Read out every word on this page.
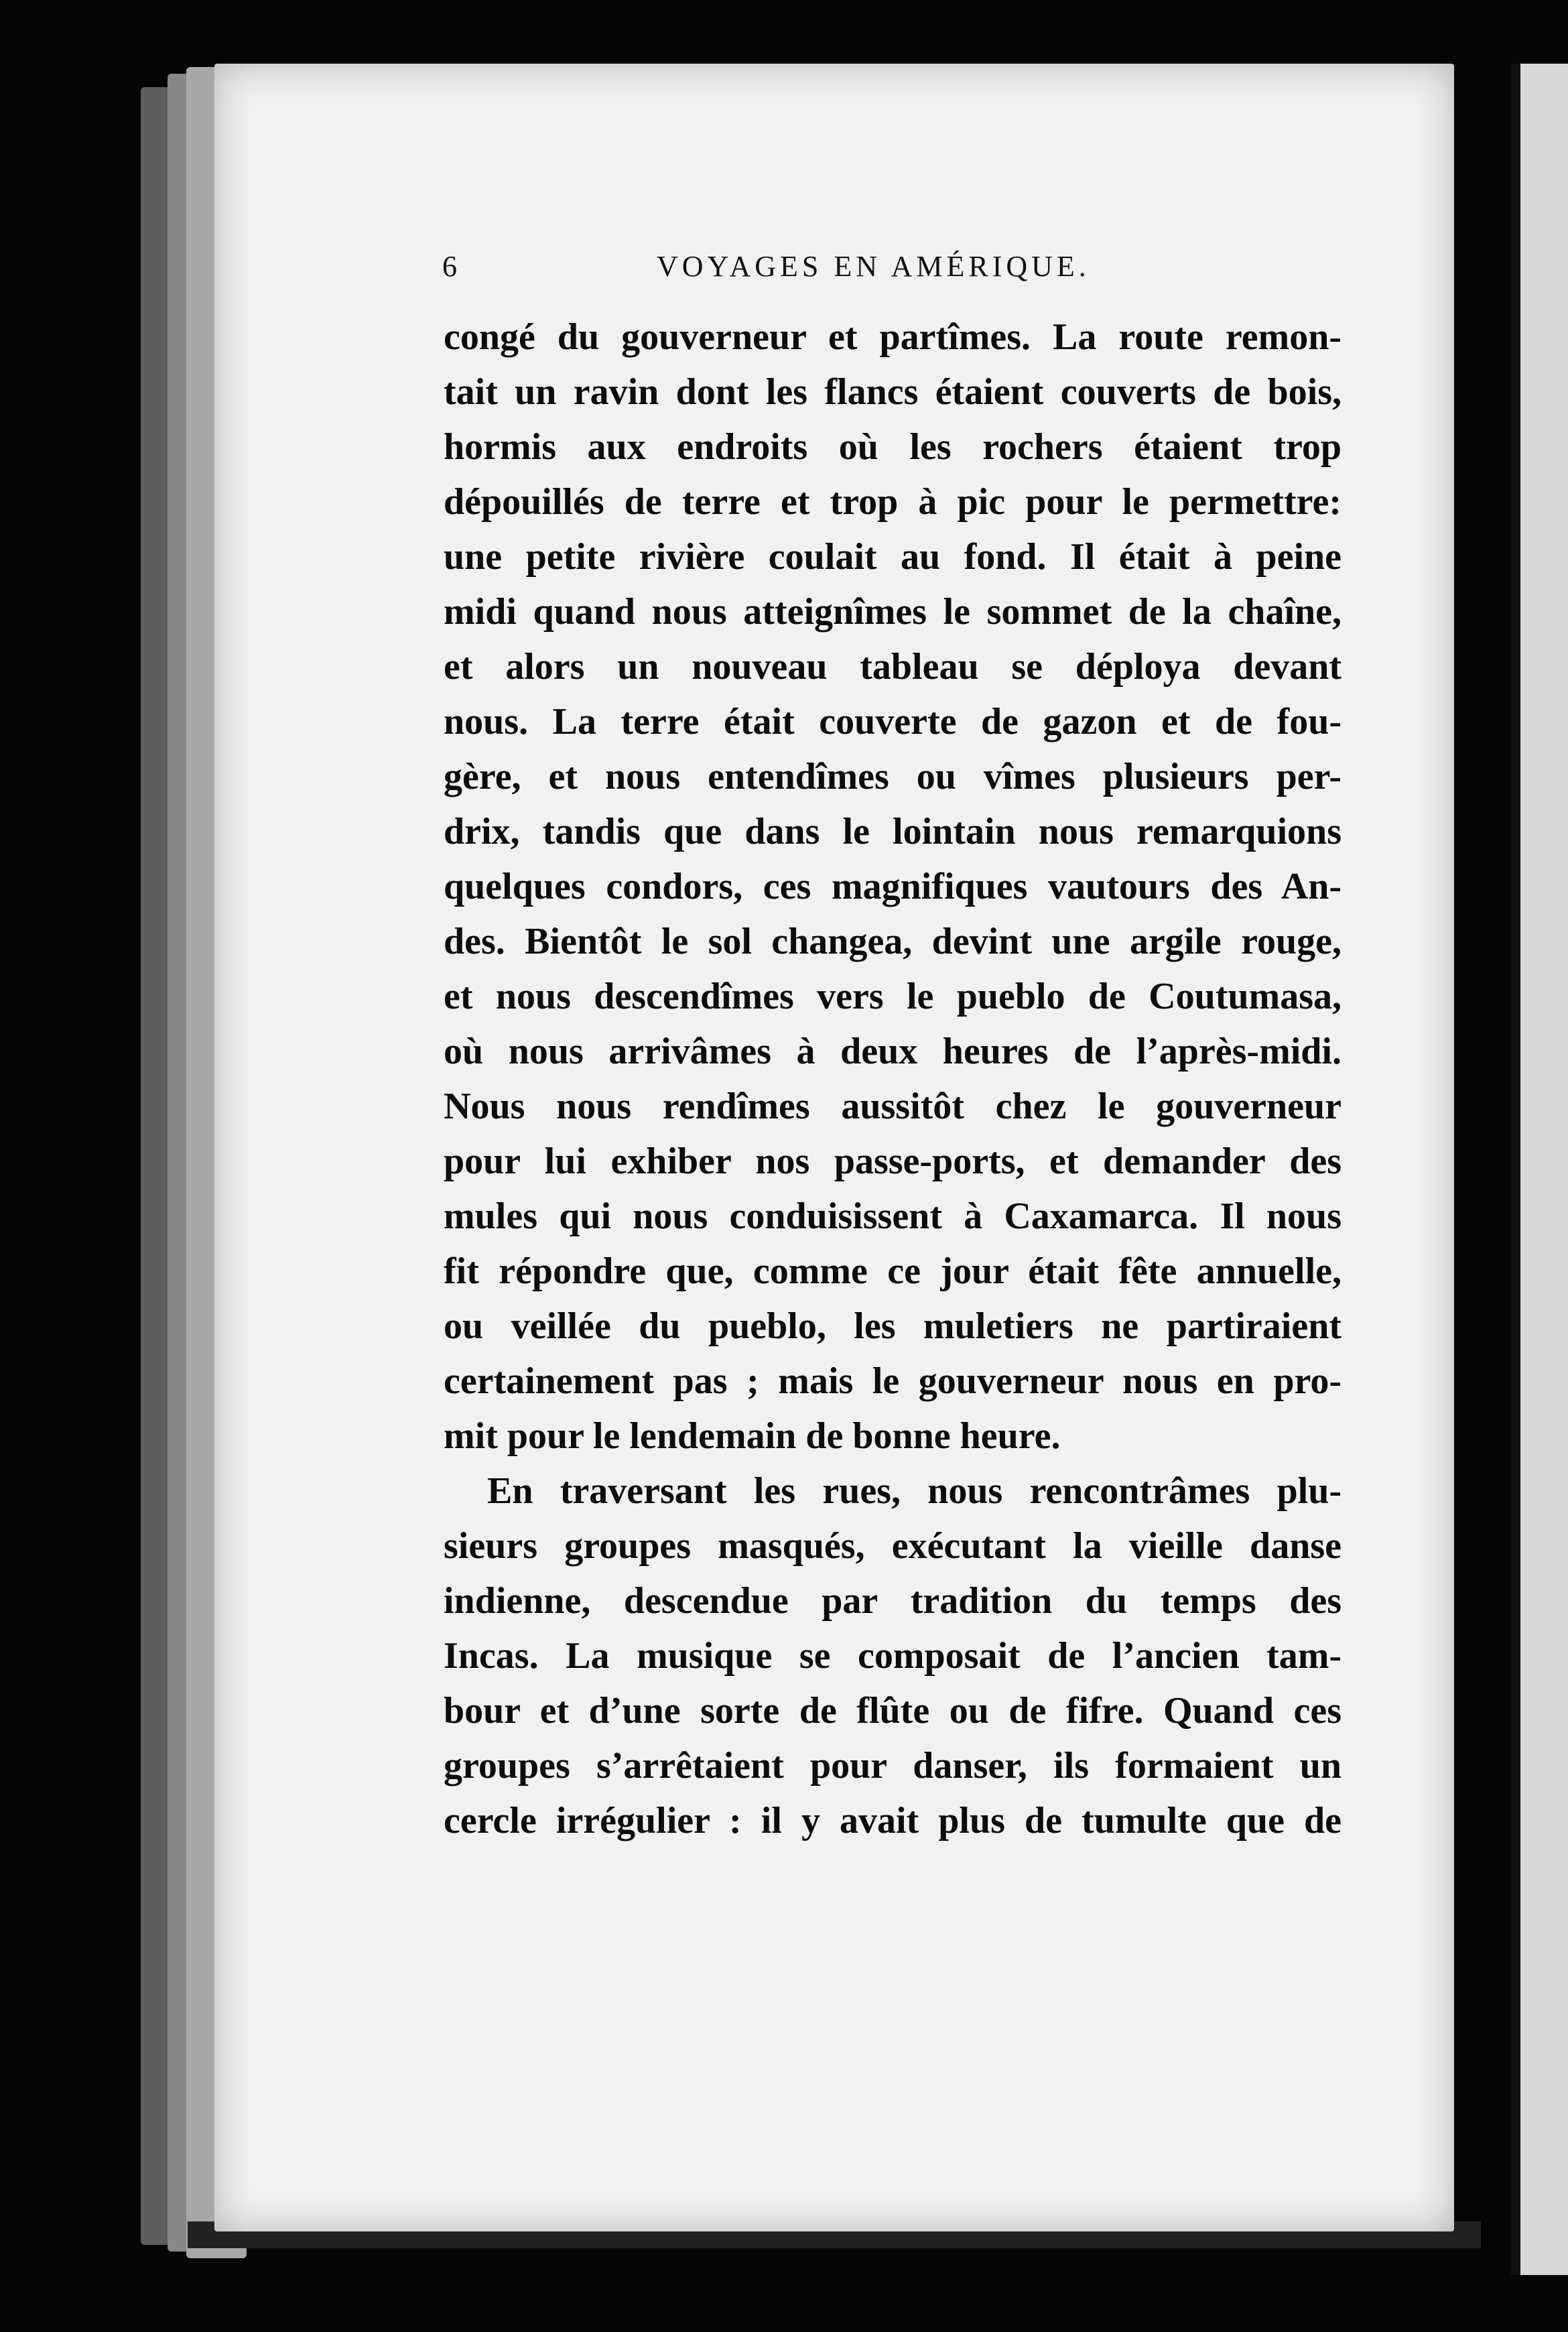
6	VOYAGES EN AMÉRIQUE.
congé du gouverneur et partîmes. La route remon-
tait un ravin dont les flancs étaient couverts de bois,
hormis aux endroits où les rochers étaient trop
dépouillés de terre et trop à pic pour le permettre:
une petite rivière coulait au fond. Il était à peine
midi quand nous atteignîmes le sommet de la chaîne,
et alors un nouveau tableau se déploya devant
nous. La terre était couverte de gazon et de fou-
gère, et nous entendîmes ou vîmes plusieurs per-
drix, tandis que dans le lointain nous remarquions
quelques condors, ces magnifiques vautours des An-
des. Bientôt le sol changea, devint une argile rouge,
et nous descendîmes vers le pueblo de Coutumasa,
où nous arrivâmes à deux heures de l’après-midi.
Nous nous rendîmes aussitôt chez le gouverneur
pour lui exhiber nos passe-ports, et demander des
mules qui nous conduisissent à Caxamarca. Il nous
fit répondre que, comme ce jour était fête annuelle,
ou veillée du pueblo, les muletiers ne partiraient
certainement pas ; mais le gouverneur nous en pro-
mit pour le lendemain de bonne heure.
En traversant les rues, nous rencontrâmes plu-
sieurs groupes masqués, exécutant la vieille danse
indienne, descendue par tradition du temps des
Incas. La musique se composait de l’ancien tam-
bour et d’une sorte de flûte ou de fifre. Quand ces
groupes s’arrêtaient pour danser, ils formaient un
cercle irrégulier : il y avait plus de tumulte que de
